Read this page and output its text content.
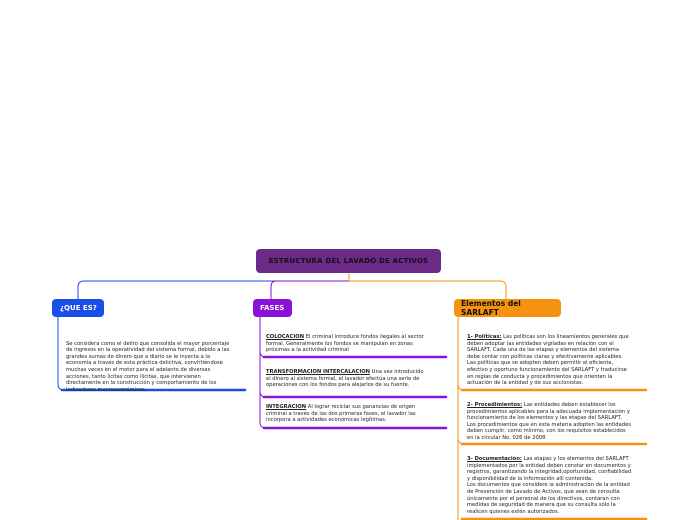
ESTRUCTURA DEL LAVADO DE ACTIVOS
¿QUE ES?	FASES	Elementos del SARLAFT

Se considera como el delito que consolida el mayor porcentaje
de ingresos en la operatividad del sistema formal, debido a las
grandes sumas de dinero que a diario se le inyecta a la
economía a través de esta práctica delictiva, convirtiéndose
muchas veces en el motor para el adelanto de diversas
acciones, tanto lícitas como ilícitas, que intervienen
directamente en la construcción y comportamiento de los
indicadores macroeconómicos.

COLOCACION El criminal introduce fondos ilegales al sector
formal. Generalmente los fondos se manipulan en zonas
próximas a la actividad criminal
TRANSFORMACION INTERCALACION Una vez introducido
el dinero al sistema formal, el lavador efectúa una serie de
operaciones con los fondos para alejarlos de su fuente.
INTEGRACION Al lograr reciclar sus ganancias de origen
criminal a través de las dos primeras fases, el lavador las
incorpora a actividades económicas legítimas.
1- Políticas: Las políticas son los lineamientos generales que
deben adoptar las entidades vigiladas en relación con el
SARLAFT. Cada una de las etapas y elementos del sistema
debe contar con políticas claras y efectivamente aplicables.
Las políticas que se adopten deben permitir el eficiente,
efectivo y oportuno funcionamiento del SARLAFT y traducirse
en reglas de conducta y procedimientos que orienten la
actuación de la entidad y de sus accionistas.
2- Procedimientos: Las entidades deben establecer los
procedimientos aplicables para la adecuada implementación y
funcionamiento de los elementos y las etapas del SARLAFT.
Los procedimientos que en esta materia adopten las entidades
deben cumplir, como mínimo, con los requisitos establecidos
en la circular No. 026 de 2008
3- Documentación: Las etapas y los elementos del SARLAFT
implementados por la entidad deben constar en documentos y
registros, garantizando la integridad,oportunidad, confiabilidad
y disponibilidad de la información allí contenida.
Los documentos que considere la administración de la entidad
de Prevención de Lavado de Activos, que sean de consulta
únicamente por el personal de los directivos, contaran con
medidas de seguridad de manera que su consulta sólo la
realicen quienes estén autorizados.
